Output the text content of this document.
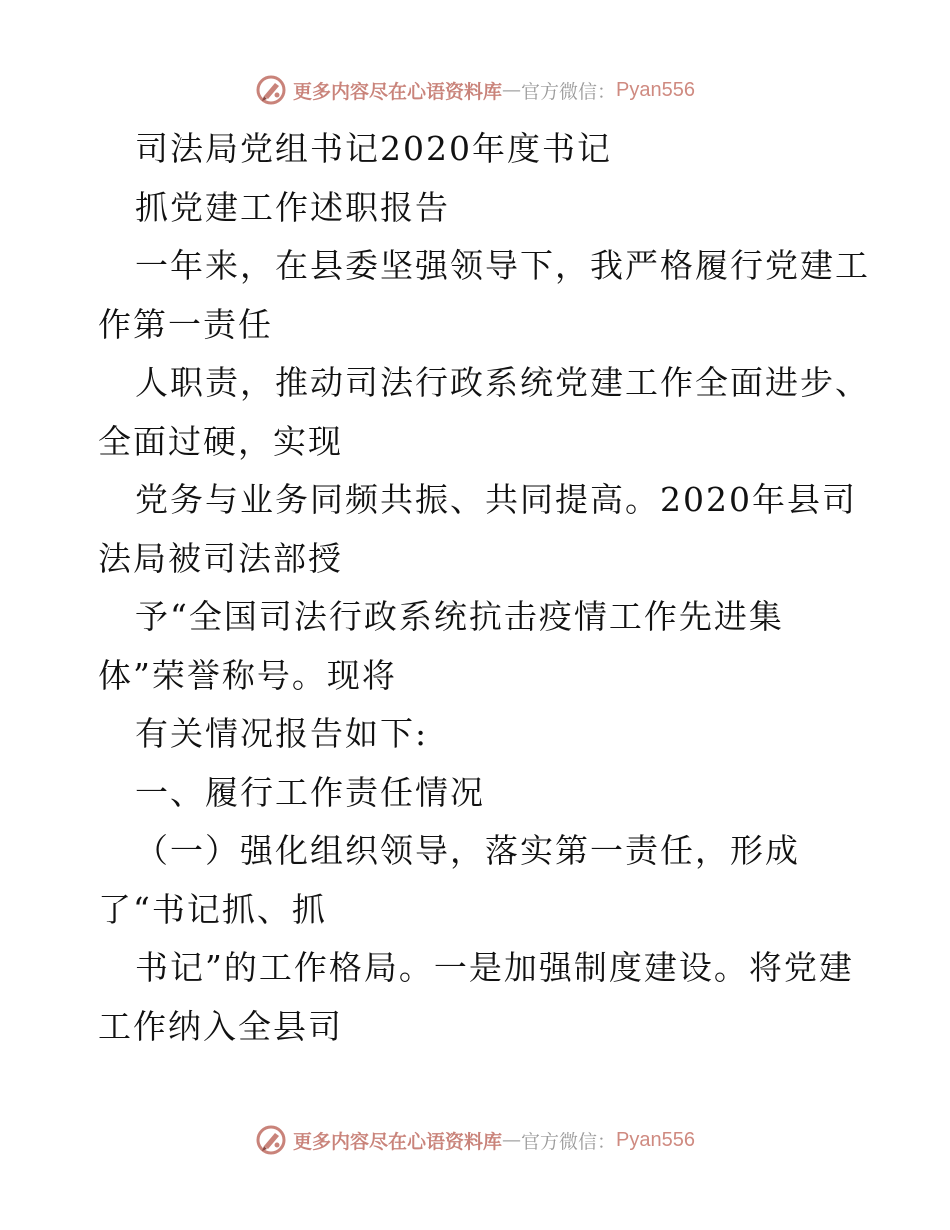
更多内容尽在心语资料库 — 官方微信： Pyan556
司法局党组书记2020年度书记
抓党建工作述职报告
一年来，在县委坚强领导下，我严格履行党建工
作第一责任
人职责，推动司法行政系统党建工作全面进步、
全面过硬，实现
党务与业务同频共振、共同提高。2020年县司
法局被司法部授
予“全国司法行政系统抗击疫情工作先进集
体”荣誉称号。现将
有关情况报告如下:
一、履行工作责任情况
（一）强化组织领导，落实第一责任，形成
了“书记抓、抓
书记”的工作格局。一是加强制度建设。将党建
工作纳入全县司
更多内容尽在心语资料库 — 官方微信： Pyan556
